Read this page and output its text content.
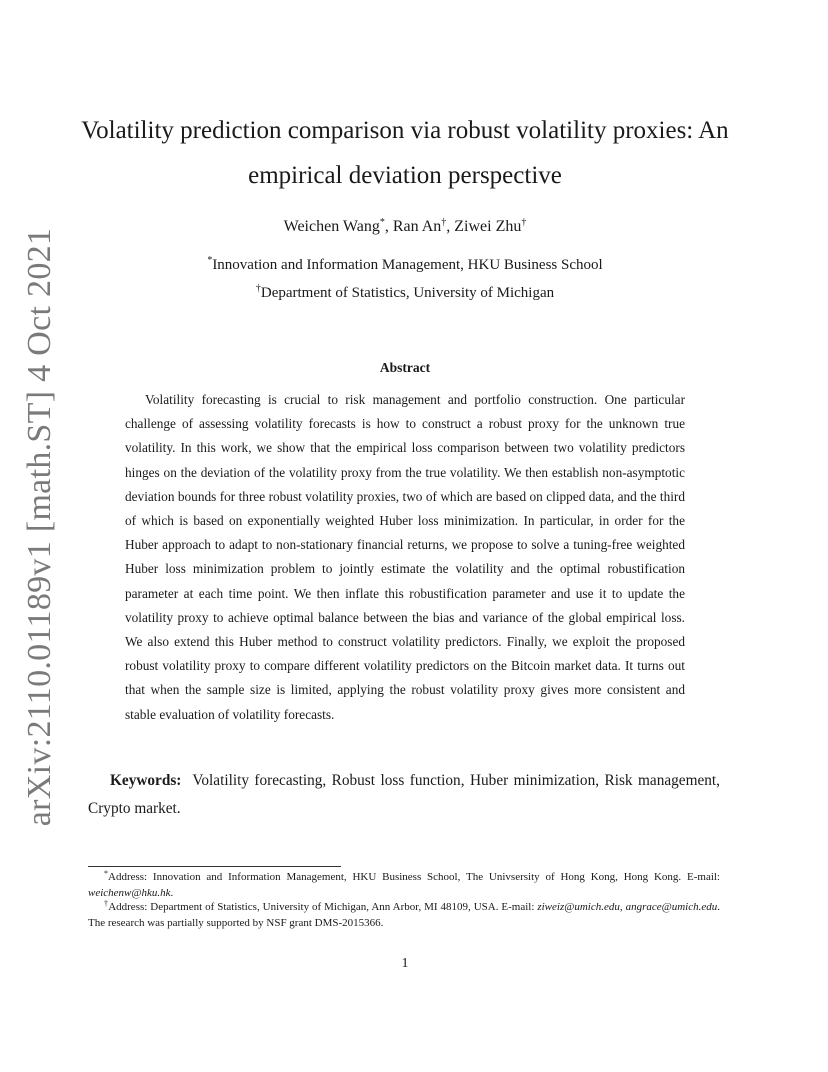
arXiv:2110.01189v1 [math.ST] 4 Oct 2021
Volatility prediction comparison via robust volatility proxies: An empirical deviation perspective
Weichen Wang*, Ran An†, Ziwei Zhu†
*Innovation and Information Management, HKU Business School
†Department of Statistics, University of Michigan
Abstract

Volatility forecasting is crucial to risk management and portfolio construction. One particular challenge of assessing volatility forecasts is how to construct a robust proxy for the unknown true volatility. In this work, we show that the empirical loss comparison between two volatility predictors hinges on the deviation of the volatility proxy from the true volatility. We then establish non-asymptotic deviation bounds for three robust volatility proxies, two of which are based on clipped data, and the third of which is based on exponentially weighted Huber loss minimization. In particular, in order for the Huber approach to adapt to non-stationary financial returns, we propose to solve a tuning-free weighted Huber loss minimization problem to jointly estimate the volatility and the optimal robustification parameter at each time point. We then inflate this robustification parameter and use it to update the volatility proxy to achieve optimal balance between the bias and variance of the global empirical loss. We also extend this Huber method to construct volatility predictors. Finally, we exploit the proposed robust volatility proxy to compare different volatility predictors on the Bitcoin market data. It turns out that when the sample size is limited, applying the robust volatility proxy gives more consistent and stable evaluation of volatility forecasts.

Keywords: Volatility forecasting, Robust loss function, Huber minimization, Risk management, Crypto market.

*Address: Innovation and Information Management, HKU Business School, The Univsersity of Hong Kong, Hong Kong. E-mail: weichenw@hku.hk.

†Address: Department of Statistics, University of Michigan, Ann Arbor, MI 48109, USA. E-mail: ziweiz@umich.edu, angrace@umich.edu. The research was partially supported by NSF grant DMS-2015366.

1
